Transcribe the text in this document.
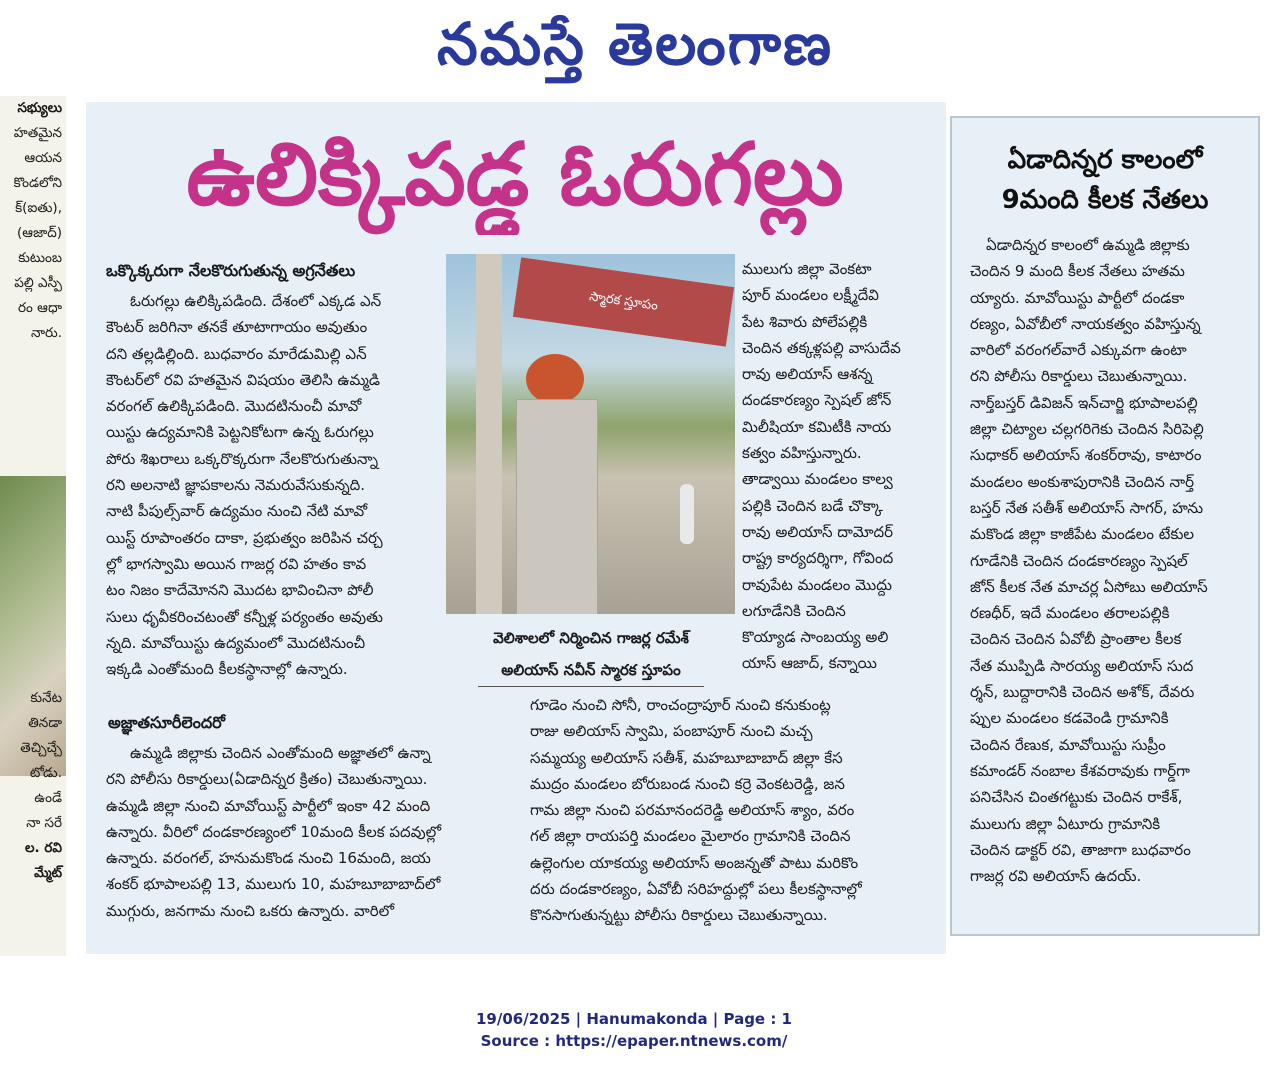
నమస్తే తెలంగాణ
సభ్యులు
హతమైన
ఆయన
కొండలోని
క్(ఐతు),
(ఆజాద్)
కుటుంబ
పల్లి ఎస్పీ
రం ఆధా
నారు.
కునేట
తినడా
తెచ్చిచ్చే
టోడు.
ఉండే
నా సరే
ల. రవి
మ్మేట్
ఉలిక్కిపడ్డ ఓరుగల్లు
ఒక్కొక్కరుగా నేలకొరుగుతున్న అగ్రనేతలు
ఓరుగల్లు ఉలిక్కిపడింది. దేశంలో ఎక్కడ ఎన్
కౌంటర్ జరిగినా తనకే తూటాగాయం అవుతుం
దని తల్లడిల్లింది. బుధవారం మారేడుమిల్లి ఎన్
కౌంటర్‌లో రవి హతమైన విషయం తెలిసి ఉమ్మడి
వరంగల్ ఉలిక్కిపడింది. మొదటినుంచీ మావో
యిస్టు ఉద్యమానికి పెట్టనికోటగా ఉన్న ఓరుగల్లు
పోరు శిఖరాలు ఒక్కరొక్కరుగా నేలకొరుగుతున్నా
రని అలనాటి జ్ఞాపకాలను నెమరువేసుకున్నది.
నాటి పీపుల్స్‌వార్ ఉద్యమం నుంచి నేటి మావో
యిస్ట్ రూపాంతరం దాకా, ప్రభుత్వం జరిపిన చర్చ
ల్లో భాగస్వామి అయిన గాజర్ల రవి హతం కావ
టం నిజం కాదేమోనని మొదట భావించినా పోలీ
సులు ధృవీకరించటంతో కన్నీళ్ల పర్యంతం అవుతు
న్నది. మావోయిస్టు ఉద్యమంలో మొదటినుంచీ
ఇక్కడి ఎంతోమంది కీలకస్థానాల్లో ఉన్నారు.
అజ్ఞాతసూరీలెందరో
ఉమ్మడి జిల్లాకు చెందిన ఎంతోమంది అజ్ఞాతలో ఉన్నా
రని పోలీసు రికార్డులు(ఏడాదిన్నర క్రితం) చెబుతున్నాయి.
ఉమ్మడి జిల్లా నుంచి మావోయిస్ట్ పార్టీలో ఇంకా 42 మంది
ఉన్నారు. వీరిలో దండకారణ్యంలో 10మంది కీలక పదవుల్లో
ఉన్నారు. వరంగల్, హనుమకొండ నుంచి 16మంది, జయ
శంకర్ భూపాలపల్లి 13, ములుగు 10, మహబూబాబాద్‌లో
ముగ్గురు, జనగామ నుంచి ఒకరు ఉన్నారు. వారిలో
స్మారక స్తూపం
వెలిశాలలో నిర్మించిన గాజర్ల రమేశ్
అలియాస్ నవీన్ స్మారక స్తూపం
ములుగు జిల్లా వెంకటా
పూర్ మండలం లక్ష్మీదేవి
పేట శివారు పోలేపల్లికి
చెందిన తక్కళ్లపల్లి వాసుదేవ
రావు అలియాస్ ఆశన్న
దండకారణ్యం స్పెషల్ జోన్
మిలీషియా కమిటీకి నాయ
కత్వం వహిస్తున్నారు.
తాడ్వాయి మండలం కాల్వ
పల్లికి చెందిన బడే చొక్కా
రావు అలియాస్ దామోదర్
రాష్ట్ర కార్యదర్శిగా, గోవింద
రావుపేట మండలం మొద్దు
లగూడేనికి చెందిన
కొయ్యాడ సాంబయ్య అలి
యాస్ ఆజాద్, కన్నాయి
గూడెం నుంచి సోనీ, రాంచంద్రాపూర్ నుంచి కనుకుంట్ల
రాజు అలియాస్ స్వామి, పంబాపూర్ నుంచి మచ్చ
సమ్మయ్య అలియాస్ సతీశ్, మహబూబాబాద్ జిల్లా కేస
ముద్రం మండలం బోరుబండ నుంచి కర్రె వెంకటరెడ్డి, జన
గామ జిల్లా నుంచి పరమానందరెడ్డి అలియాస్ శ్యాం, వరం
గల్ జిల్లా రాయపర్తి మండలం మైలారం గ్రామానికి చెందిన
ఉల్లెంగుల యాకయ్య అలియాస్ అంజన్నతో పాటు మరికొం
దరు దండకారణ్యం, ఏవోబీ సరిహద్దుల్లో పలు కీలకస్థానాల్లో
కొనసాగుతున్నట్టు పోలీసు రికార్డులు చెబుతున్నాయి.
ఏడాదిన్నర కాలంలో
9మంది కీలక నేతలు
ఏడాదిన్నర కాలంలో ఉమ్మడి జిల్లాకు
చెందిన 9 మంది కీలక నేతలు హతమ
య్యారు. మావోయిస్టు పార్టీలో దండకా
రణ్యం, ఏవోబీలో నాయకత్వం వహిస్తున్న
వారిలో వరంగల్‌వారే ఎక్కువగా ఉంటా
రని పోలీసు రికార్డులు చెబుతున్నాయి.
నార్త్‌బస్తర్ డివిజన్ ఇన్‌చార్జి భూపాలపల్లి
జిల్లా చిట్యాల చల్లగరిగెకు చెందిన సిరిపెల్లి
సుధాకర్ అలియాస్ శంకర్‌రావు, కాటారం
మండలం అంకుశాపురానికి చెందిన నార్త్
బస్తర్ నేత సతీశ్ అలియాస్ సాగర్, హను
మకొండ జిల్లా కాజీపేట మండలం టేకుల
గూడేనికి చెందిన దండకారణ్యం స్పెషల్
జోన్ కీలక నేత మాచర్ల ఏసోబు అలియాస్
రణధీర్, ఇదే మండలం తరాలపల్లికి
చెందిన చెందిన ఏవోబీ ప్రాంతాల కీలక
నేత ముప్పిడి సారయ్య అలియాస్ సుద
ర్శన్, బుద్దారానికి చెందిన అశోక్, దేవరు
ప్పుల మండలం కడవెండి గ్రామానికి
చెందిన రేణుక, మావోయిస్టు సుప్రీం
కమాండర్ నంబాల కేశవరావుకు గార్డ్‌గా
పనిచేసిన చింతగట్టుకు చెందిన రాకేశ్,
ములుగు జిల్లా ఏటూరు గ్రామానికి
చెందిన డాక్టర్ రవి, తాజాగా బుధవారం
గాజర్ల రవి అలియాస్ ఉదయ్.
19/06/2025 | Hanumakonda | Page : 1
Source : https://epaper.ntnews.com/
